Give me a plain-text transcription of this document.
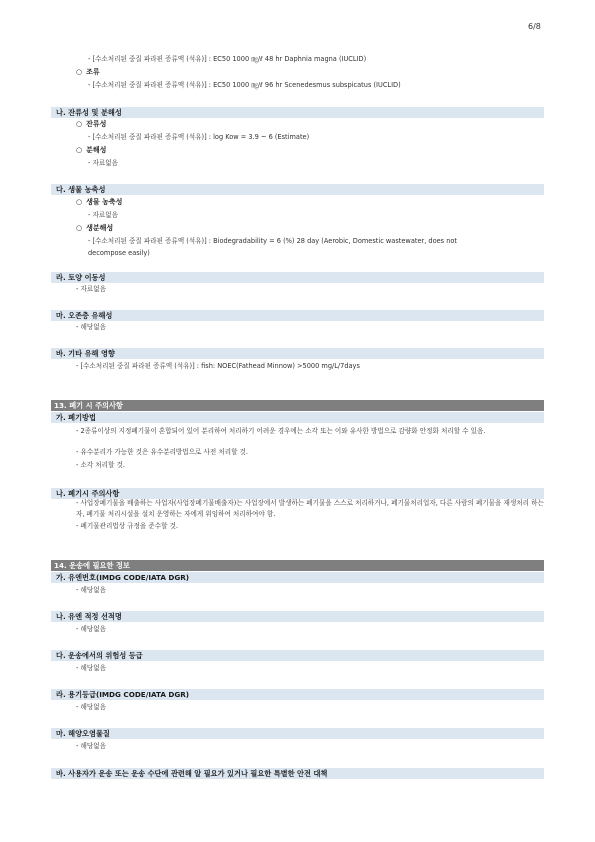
6/8
- [수소처리된 중질 파라핀 증류액 (석유)] : EC50 1000 ㎎/ℓ 48 hr Daphnia magna (IUCLID)
○ 조류
- [수소처리된 중질 파라핀 증류액 (석유)] : EC50 1000 ㎎/ℓ 96 hr Scenedesmus subspicatus (IUCLID)
나. 잔류성 및 분해성
○ 잔류성
- [수소처리된 중질 파라핀 증류액 (석유)] : log Kow = 3.9 ~ 6 (Estimate)
○ 분해성
- 자료없음
다. 생물 농축성
○ 생물 농축성
- 자료없음
○ 생분해성
- [수소처리된 중질 파라핀 증류액 (석유)] : Biodegradability = 6 (%) 28 day (Aerobic, Domestic wastewater, does not
decompose easily)
라. 토양 이동성
- 자료없음
마. 오존층 유해성
- 해당없음
바. 기타 유해 영향
- [수소처리된 중질 파라핀 증류액 (석유)] : fish: NOEC(Fathead Minnow) >5000 mg/L/7days
13. 폐기 시 주의사항
가. 폐기방법
- 2종류이상의 지정폐기물이 혼합되어 있어 분리하여 처리하기 어려운 경우에는 소각 또는 이와 유사한 방법으로 감량화 안정화 처리할 수 있음.
- 유수분리가 가능한 것은 유수분리방법으로 사전 처리할 것.
- 소각 처리할 것.
나. 폐기시 주의사항
- 사업장폐기물을 배출하는 사업자(사업장폐기물배출자)는 사업장에서 발생하는 폐기물을 스스로 처리하거나, 폐기물처리업자, 다른 사람의 폐기물을 재생처리 하는 자, 폐기물 처리시설을 설치 운영하는 자에게 위임하여 처리하여야 함.
- 폐기물관리법상 규정을 준수할 것.
14. 운송에 필요한 정보
가. 유엔번호(IMDG CODE/IATA DGR)
- 해당없음
나. 유엔 적정 선적명
- 해당없음
다. 운송에서의 위험성 등급
- 해당없음
라. 용기등급(IMDG CODE/IATA DGR)
- 해당없음
마. 해양오염물질
- 해당없음
바. 사용자가 운송 또는 운송 수단에 관련해 알 필요가 있거나 필요한 특별한 안전 대책
